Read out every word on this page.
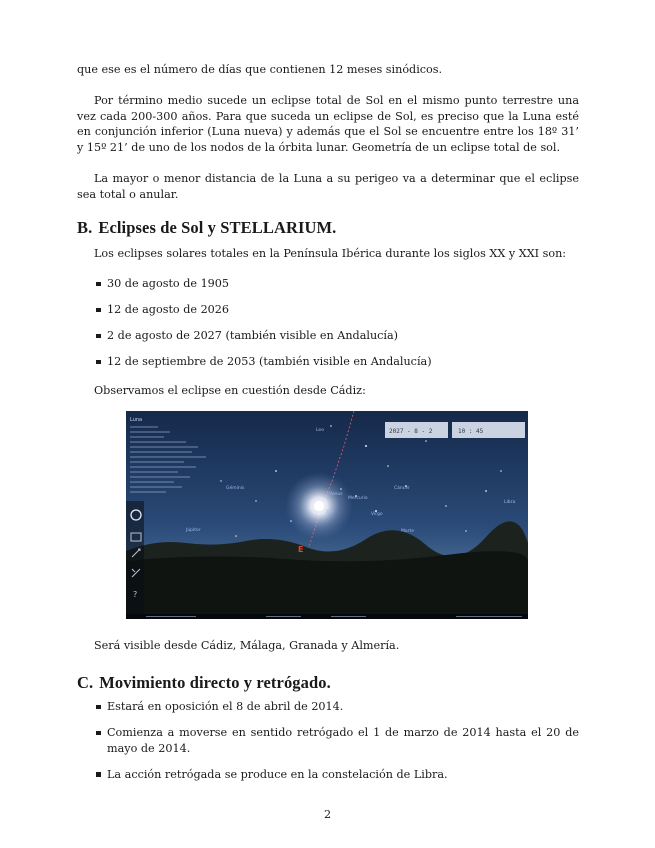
que ese es el número de días que contienen 12 meses sinódicos.

Por término medio sucede un eclipse total de Sol en el mismo punto terrestre una vez cada 200-300 años. Para que suceda un eclipse de Sol, es preciso que la Luna esté en conjunción inferior (Luna nueva) y además que el Sol se encuentre entre los 18º 31’ y 15º 21’ de uno de los nodos de la órbita lunar. Geometría de un eclipse total de sol.

La mayor o menor distancia de la Luna a su perigeo va a determinar que el eclipse sea total o anular.

B. Eclipses de Sol y STELLARIUM.

Los eclipses solares totales en la Península Ibérica durante los siglos XX y XXI son:

30 de agosto de 1905
12 de agosto de 2026
2 de agosto de 2027 (también visible en Andalucía)
12 de septiembre de 2053 (también visible en Andalucía)

Observamos el eclipse en cuestión desde Cádiz:

Libra
Leo
Virgo
Cáncer
Géminis
Venus
Mercurio
Júpiter	Marte
Sol
Luna
2027 - 8 - 2	10 : 45
E
?

Será visible desde Cádiz, Málaga, Granada y Almería.

C. Movimiento directo y retrógado.
Estará en oposición el 8 de abril de 2014.
Comienza a moverse en sentido retrógado el 1 de marzo de 2014 hasta el 20 de mayo de 2014.
La acción retrógada se produce en la constelación de Libra.
2
